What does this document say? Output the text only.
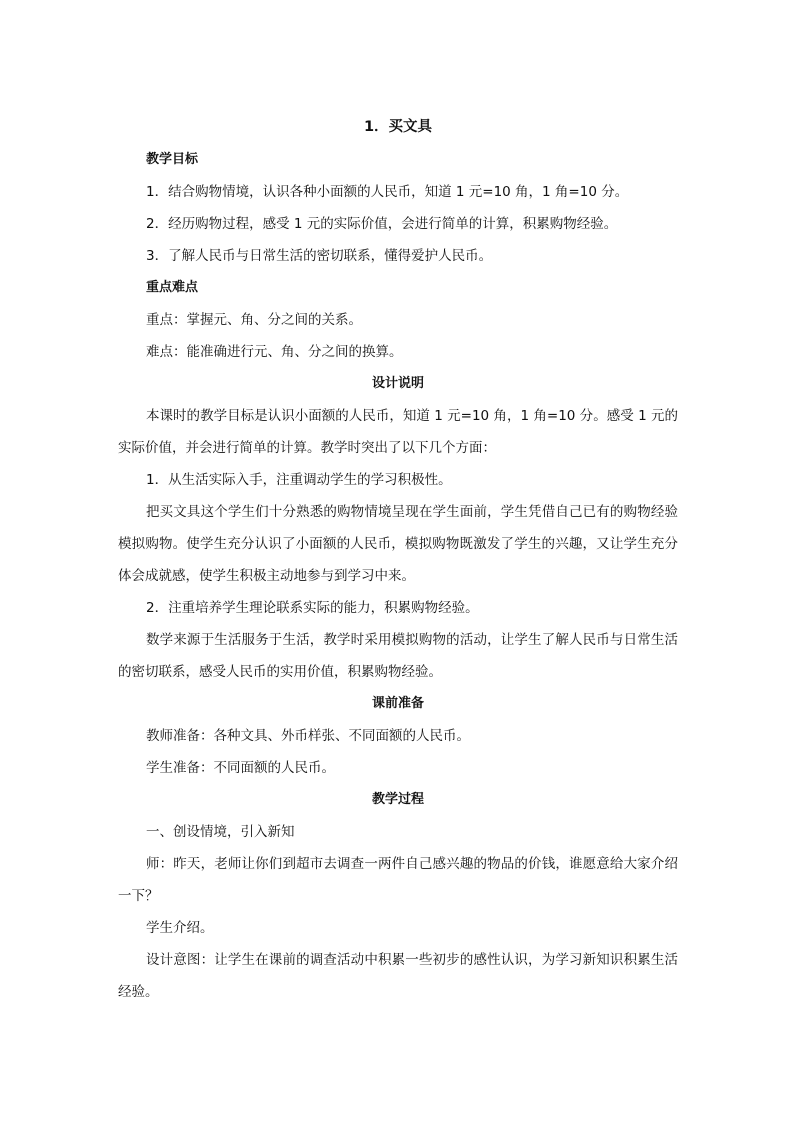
1．买文具

教学目标

1．结合购物情境，认识各种小面额的人民币，知道 1 元=10 角，1 角=10 分。

2．经历购物过程，感受 1 元的实际价值，会进行简单的计算，积累购物经验。

3．了解人民币与日常生活的密切联系，懂得爱护人民币。

重点难点

重点：掌握元、角、分之间的关系。

难点：能准确进行元、角、分之间的换算。

设计说明

本课时的教学目标是认识小面额的人民币，知道 1 元=10 角，1 角=10 分。感受 1 元的实际价值，并会进行简单的计算。教学时突出了以下几个方面：

1．从生活实际入手，注重调动学生的学习积极性。

把买文具这个学生们十分熟悉的购物情境呈现在学生面前，学生凭借自己已有的购物经验模拟购物。使学生充分认识了小面额的人民币，模拟购物既激发了学生的兴趣，又让学生充分体会成就感，使学生积极主动地参与到学习中来。

2．注重培养学生理论联系实际的能力，积累购物经验。

数学来源于生活服务于生活，教学时采用模拟购物的活动，让学生了解人民币与日常生活的密切联系，感受人民币的实用价值，积累购物经验。

课前准备

教师准备：各种文具、外币样张、不同面额的人民币。

学生准备：不同面额的人民币。

教学过程

一、创设情境，引入新知

师：昨天，老师让你们到超市去调查一两件自己感兴趣的物品的价钱，谁愿意给大家介绍一下？

学生介绍。

设计意图：让学生在课前的调查活动中积累一些初步的感性认识，为学习新知识积累生活经验。
